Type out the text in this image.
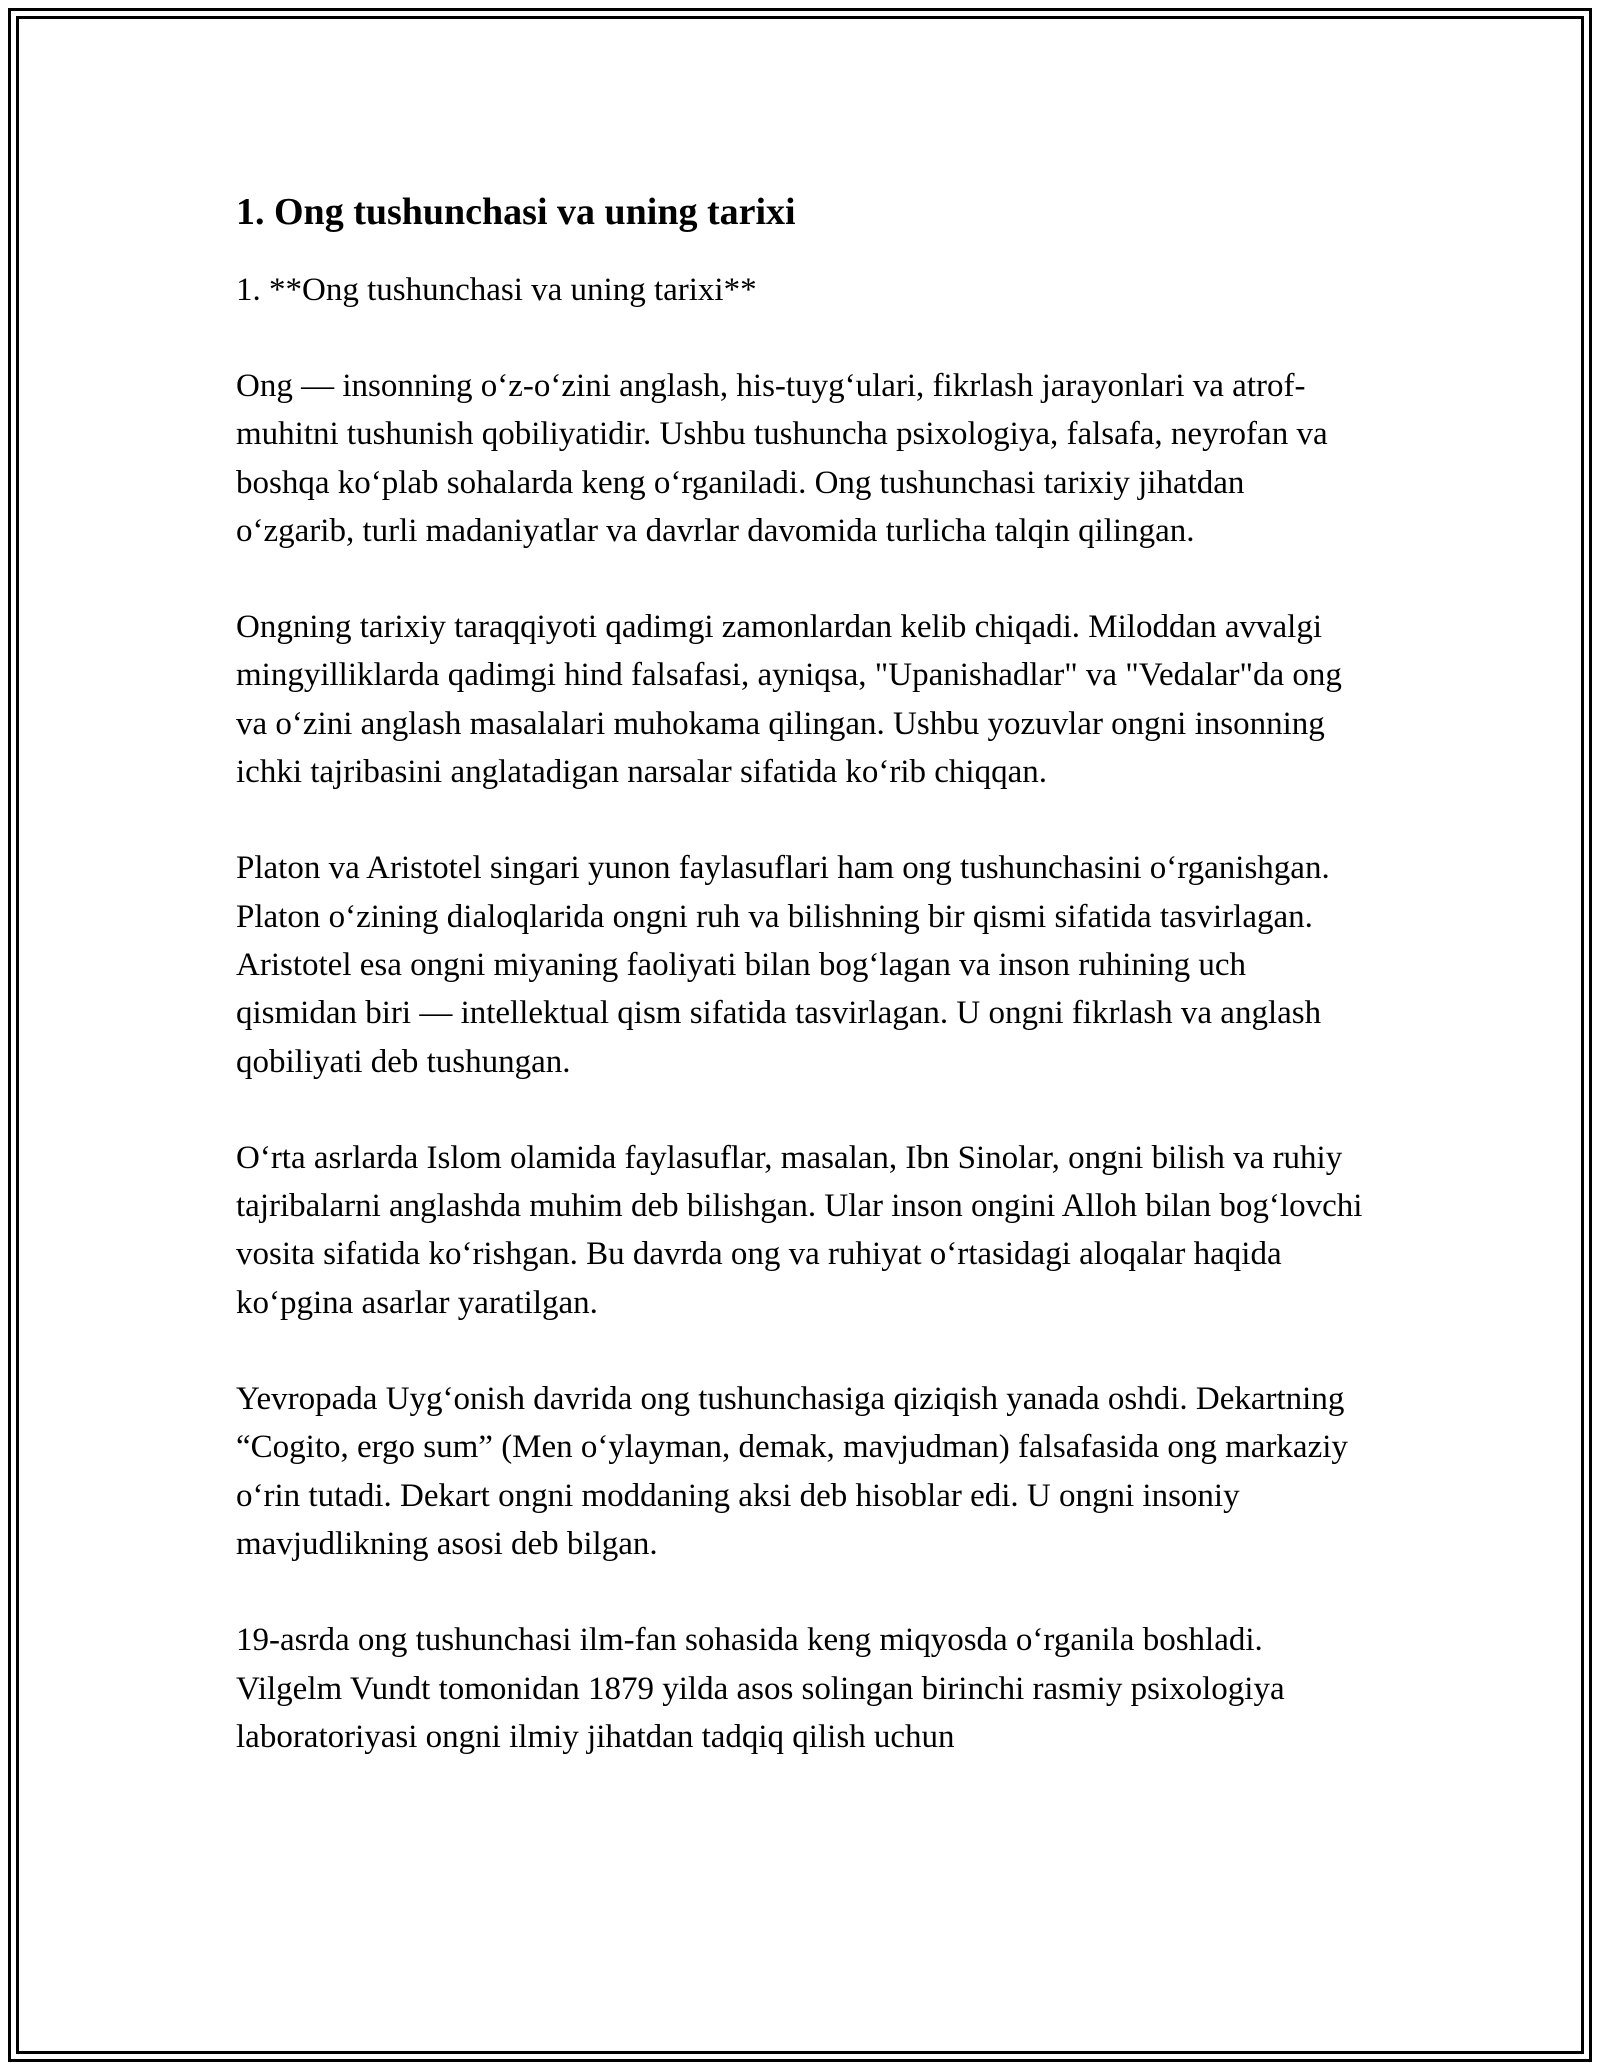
1. Ong tushunchasi va uning tarixi

1. **Ong tushunchasi va uning tarixi**

Ong — insonning o‘z-o‘zini anglash, his-tuyg‘ulari, fikrlash jarayonlari va atrof-muhitni tushunish qobiliyatidir. Ushbu tushuncha psixologiya, falsafa, neyrofan va boshqa ko‘plab sohalarda keng o‘rganiladi. Ong tushunchasi tarixiy jihatdan o‘zgarib, turli madaniyatlar va davrlar davomida turlicha talqin qilingan.

Ongning tarixiy taraqqiyoti qadimgi zamonlardan kelib chiqadi. Miloddan avvalgi mingyilliklarda qadimgi hind falsafasi, ayniqsa, "Upanishadlar" va "Vedalar"da ong va o‘zini anglash masalalari muhokama qilingan. Ushbu yozuvlar ongni insonning ichki tajribasini anglatadigan narsalar sifatida ko‘rib chiqqan.

Platon va Aristotel singari yunon faylasuflari ham ong tushunchasini o‘rganishgan. Platon o‘zining dialoqlarida ongni ruh va bilishning bir qismi sifatida tasvirlagan. Aristotel esa ongni miyaning faoliyati bilan bog‘lagan va inson ruhining uch qismidan biri — intellektual qism sifatida tasvirlagan. U ongni fikrlash va anglash qobiliyati deb tushungan.

O‘rta asrlarda Islom olamida faylasuflar, masalan, Ibn Sinolar, ongni bilish va ruhiy tajribalarni anglashda muhim deb bilishgan. Ular inson ongini Alloh bilan bog‘lovchi vosita sifatida ko‘rishgan. Bu davrda ong va ruhiyat o‘rtasidagi aloqalar haqida ko‘pgina asarlar yaratilgan.

Yevropada Uyg‘onish davrida ong tushunchasiga qiziqish yanada oshdi. Dekartning “Cogito, ergo sum” (Men o‘ylayman, demak, mavjudman) falsafasida ong markaziy o‘rin tutadi. Dekart ongni moddaning aksi deb hisoblar edi. U ongni insoniy mavjudlikning asosi deb bilgan.

19-asrda ong tushunchasi ilm-fan sohasida keng miqyosda o‘rganila boshladi. Vilgelm Vundt tomonidan 1879 yilda asos solingan birinchi rasmiy psixologiya laboratoriyasi ongni ilmiy jihatdan tadqiq qilish uchun
